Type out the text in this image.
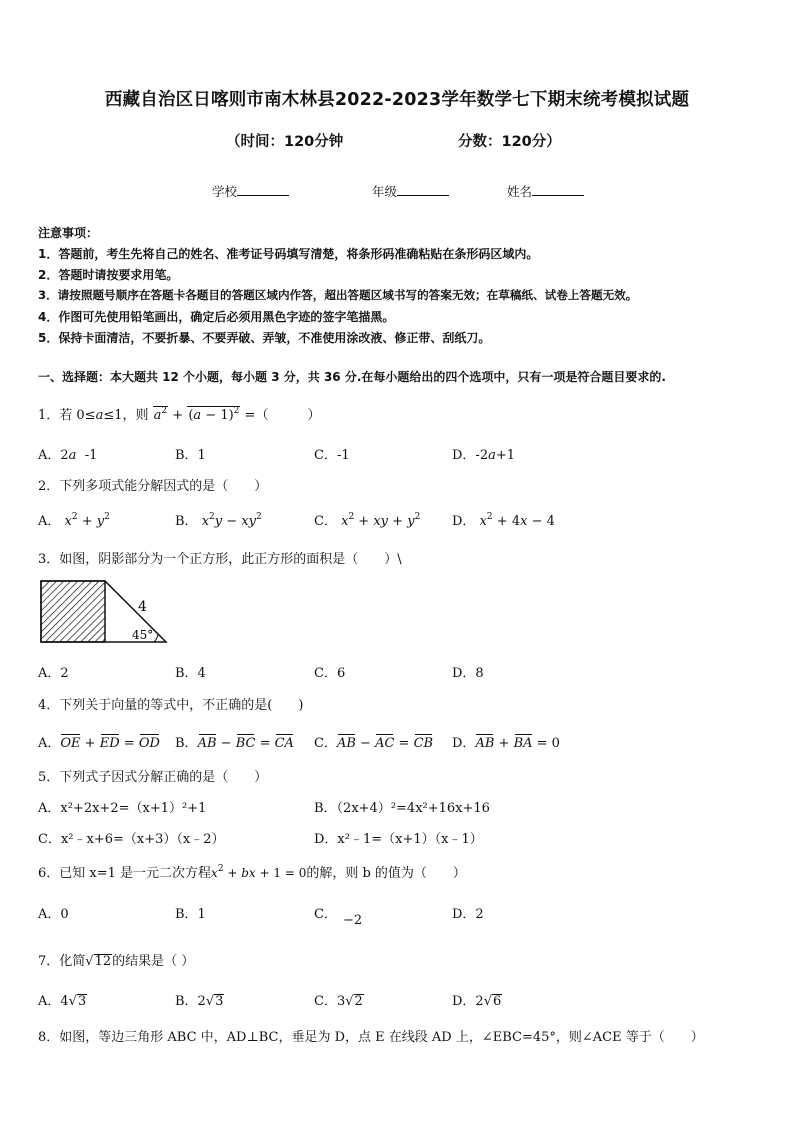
西藏自治区日喀则市南木林县2022-2023学年数学七下期末统考模拟试题
（时间：120分钟	分数：120分）
学校	年级	姓名
注意事项：
1．答题前，考生先将自己的姓名、准考证号码填写清楚，将条形码准确粘贴在条形码区域内。
2．答题时请按要求用笔。
3．请按照题号顺序在答题卡各题目的答题区域内作答，超出答题区域书写的答案无效；在草稿纸、试卷上答题无效。
4．作图可先使用铅笔画出，确定后必须用黑色字迹的签字笔描黑。
5．保持卡面清洁，不要折暴、不要弄破、弄皱，不准使用涂改液、修正带、刮纸刀。
一、选择题：本大题共 12 个小题，每小题 3 分，共 36 分.在每小题给出的四个选项中，只有一项是符合题目要求的.
1．若 0≤a≤1，则 $a^2 + (a - 1)^2$ =（　　　）
A．2a -1	B．1	C．-1	D．-2a+1
2．下列多项式能分解因式的是（　　）
A． $x^2 + y^2$	B． $x^2y - xy^2$	C． $x^2$ + xy + $y^2$ D． $x^2 + 4x - 4$
3．如图，阴影部分为一个正方形，此正方形的面积是（　　）\
4
45°
A．2	B．4	C．6	D．8
4．下列关于向量的等式中，不正确的是(　　)
A．OE + ED = OD B．AB − BC = CA C．AB − AC = CB D．AB + BA = 0
5．下列式子因式分解正确的是（　　）
A．x²+2x+2=（x+1）²+1	B．（2x+4）²=4x²+16x+16
C．x²﹣x+6=（x+3）（x﹣2）	D．x²﹣1=（x+1）（x﹣1）
6．已知 x=1 是一元二次方程$x^2$ + bx + 1 = 0的解，则 b 的值为（　　）
A．0	B．1	C． −2	D．2
7．化简√12的结果是（ ）
A．4√3	B．2√3	C．3√2	D．2√6
8．如图，等边三角形 ABC 中，AD⊥BC，垂足为 D，点 E 在线段 AD 上，∠EBC=45°，则∠ACE 等于（　　）
